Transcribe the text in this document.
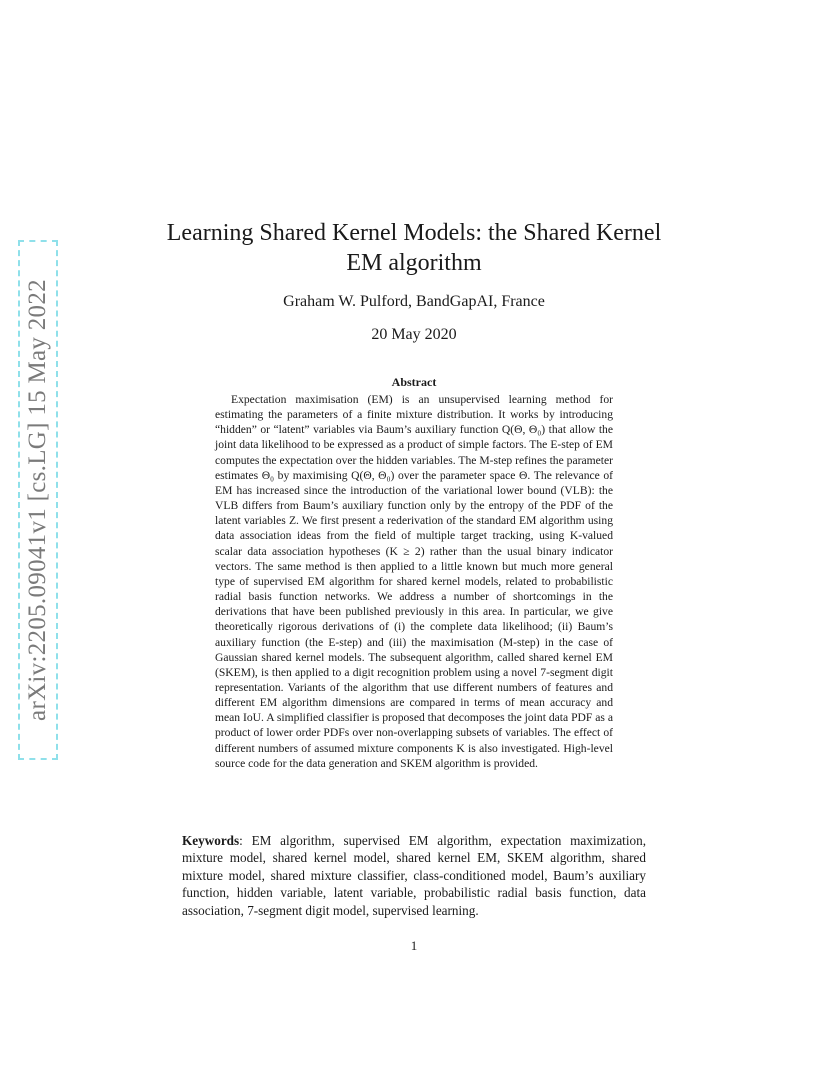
arXiv:2205.09041v1 [cs.LG] 15 May 2022
Learning Shared Kernel Models: the Shared Kernel EM algorithm
Graham W. Pulford, BandGapAI, France
20 May 2020
Abstract

Expectation maximisation (EM) is an unsupervised learning method for estimating the parameters of a finite mixture distribution. It works by introducing “hidden” or “latent” variables via Baum’s auxiliary function Q(Θ, Θ₀) that allow the joint data likelihood to be expressed as a product of simple factors. The E-step of EM computes the expectation over the hidden variables. The M-step refines the parameter estimates Θ₀ by maximising Q(Θ, Θ₀) over the parameter space Θ. The relevance of EM has increased since the introduction of the variational lower bound (VLB): the VLB differs from Baum’s auxiliary function only by the entropy of the PDF of the latent variables Z. We first present a rederivation of the standard EM algorithm using data association ideas from the field of multiple target tracking, using K-valued scalar data association hypotheses (K ≥ 2) rather than the usual binary indicator vectors. The same method is then applied to a little known but much more general type of supervised EM algorithm for shared kernel models, related to probabilistic radial basis function networks. We address a number of shortcomings in the derivations that have been published previously in this area. In particular, we give theoretically rigorous derivations of (i) the complete data likelihood; (ii) Baum’s auxiliary function (the E-step) and (iii) the maximisation (M-step) in the case of Gaussian shared kernel models. The subsequent algorithm, called shared kernel EM (SKEM), is then applied to a digit recognition problem using a novel 7-segment digit representation. Variants of the algorithm that use different numbers of features and different EM algorithm dimensions are compared in terms of mean accuracy and mean IoU. A simplified classifier is proposed that decomposes the joint data PDF as a product of lower order PDFs over non-overlapping subsets of variables. The effect of different numbers of assumed mixture components K is also investigated. High-level source code for the data generation and SKEM algorithm is provided.

Keywords: EM algorithm, supervised EM algorithm, expectation maximization, mixture model, shared kernel model, shared kernel EM, SKEM algorithm, shared mixture model, shared mixture classifier, class-conditioned model, Baum’s auxiliary function, hidden variable, latent variable, probabilistic radial basis function, data association, 7-segment digit model, supervised learning.

1
